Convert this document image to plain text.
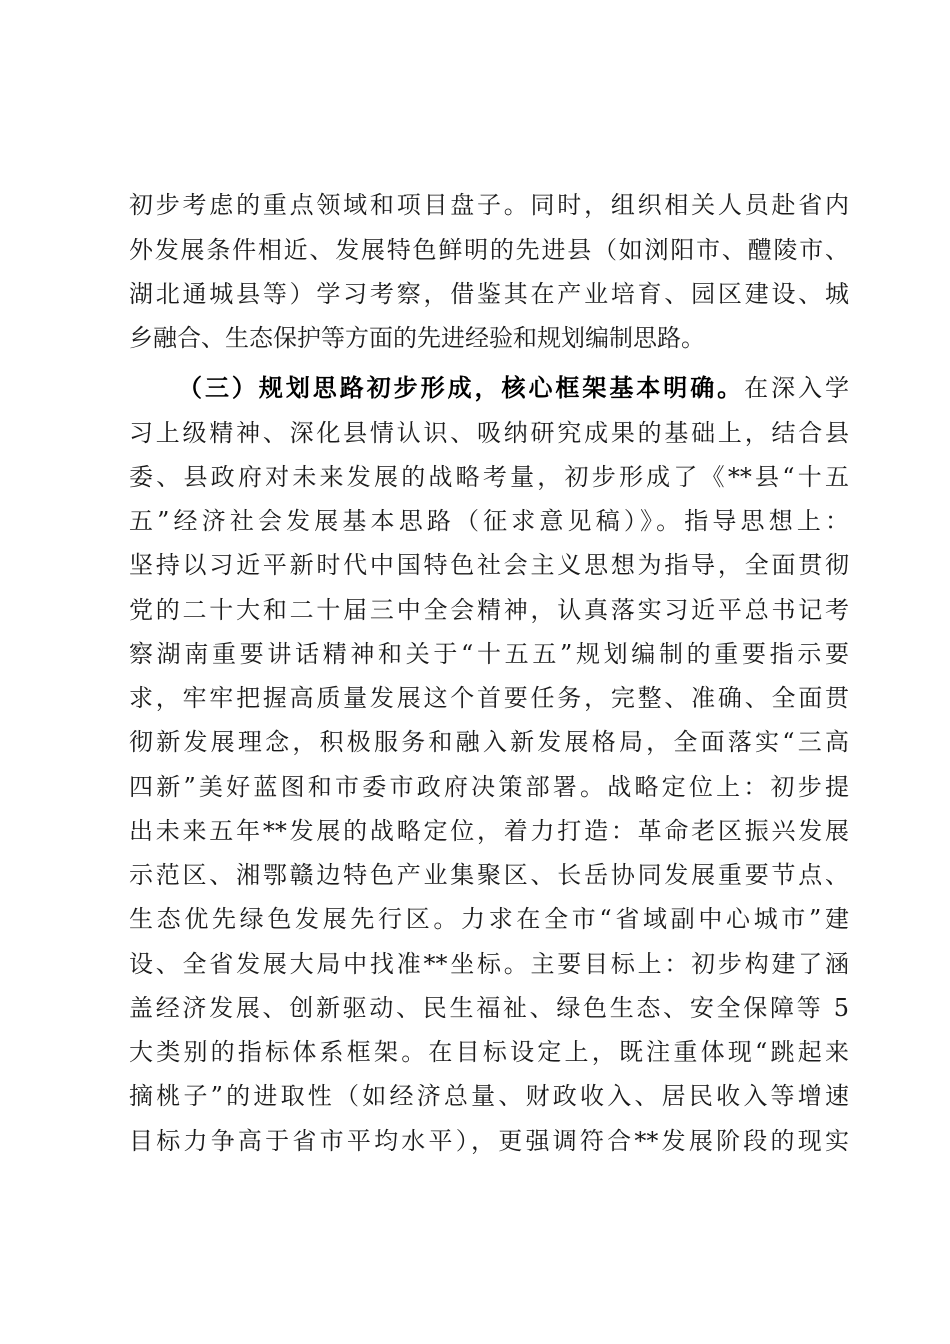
初步考虑的重点领域和项目盘子。同时，组织相关人员赴省内
外发展条件相近、发展特色鲜明的先进县（如浏阳市、醴陵市、
湖北通城县等）学习考察，借鉴其在产业培育、园区建设、城
乡融合、生态保护等方面的先进经验和规划编制思路。
（三）规划思路初步形成，核心框架基本明确。在深入学
习上级精神、深化县情认识、吸纳研究成果的基础上，结合县
委、县政府对未来发展的战略考量，初步形成了《**县“十五
五”经济社会发展基本思路（征求意见稿）》。指导思想上：
坚持以习近平新时代中国特色社会主义思想为指导，全面贯彻
党的二十大和二十届三中全会精神，认真落实习近平总书记考
察湖南重要讲话精神和关于“十五五”规划编制的重要指示要
求，牢牢把握高质量发展这个首要任务，完整、准确、全面贯
彻新发展理念，积极服务和融入新发展格局，全面落实“三高
四新”美好蓝图和市委市政府决策部署。战略定位上：初步提
出未来五年**发展的战略定位，着力打造：革命老区振兴发展
示范区、湘鄂赣边特色产业集聚区、长岳协同发展重要节点、
生态优先绿色发展先行区。力求在全市“省域副中心城市”建
设、全省发展大局中找准**坐标。主要目标上：初步构建了涵
盖经济发展、创新驱动、民生福祉、绿色生态、安全保障等 5
大类别的指标体系框架。在目标设定上，既注重体现“跳起来
摘桃子”的进取性（如经济总量、财政收入、居民收入等增速
目标力争高于省市平均水平），更强调符合**发展阶段的现实
